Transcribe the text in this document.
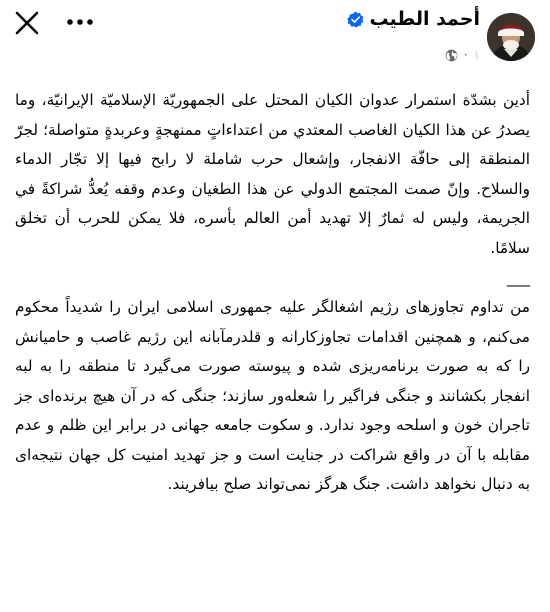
أحمد الطيب
١
·

أدين بشدّة استمرار عدوان الكيان المحتل على الجمهوريّة الإسلاميّة الإيرانيّة، وما يصدرُ عن هذا الكيان الغاصب المعتدي من اعتداءاتٍ ممنهجةٍ وعربدةٍ متواصلة؛ لجرّ المنطقة إلى حافّة الانفجار، وإشعال حرب شاملة لا رابح فيها إلا تجّار الدماء والسلاح. وإنّ صمت المجتمع الدولي عن هذا الطغيان وعدم وقفه يُعدُّ شراكةً في الجريمة، وليس له ثمارٌ إلا تهديد أمن العالم بأسره، فلا يمكن للحرب أن تخلق سلامًا.

___

من تداوم تجاوزهای رژیم اشغالگر علیه جمهوری اسلامی ایران را شدیداً محکوم می‌کنم، و همچنین اقدامات تجاوزکارانه و قلدرمآبانه این رژیم غاصب و حامیانش را که به صورت برنامه‌ریزی شده و پیوسته صورت می‌گیرد تا منطقه را به لبه انفجار بکشانند و جنگی فراگیر را شعله‌ور سازند؛ جنگی که در آن هیچ برنده‌ای جز تاجران خون و اسلحه وجود ندارد. و سکوت جامعه جهانی در برابر این ظلم و عدم مقابله با آن در واقع شراکت در جنایت است و جز تهدید امنیت کل جهان نتیجه‌ای به دنبال نخواهد داشت. جنگ هرگز نمی‌تواند صلح بیافریند.
